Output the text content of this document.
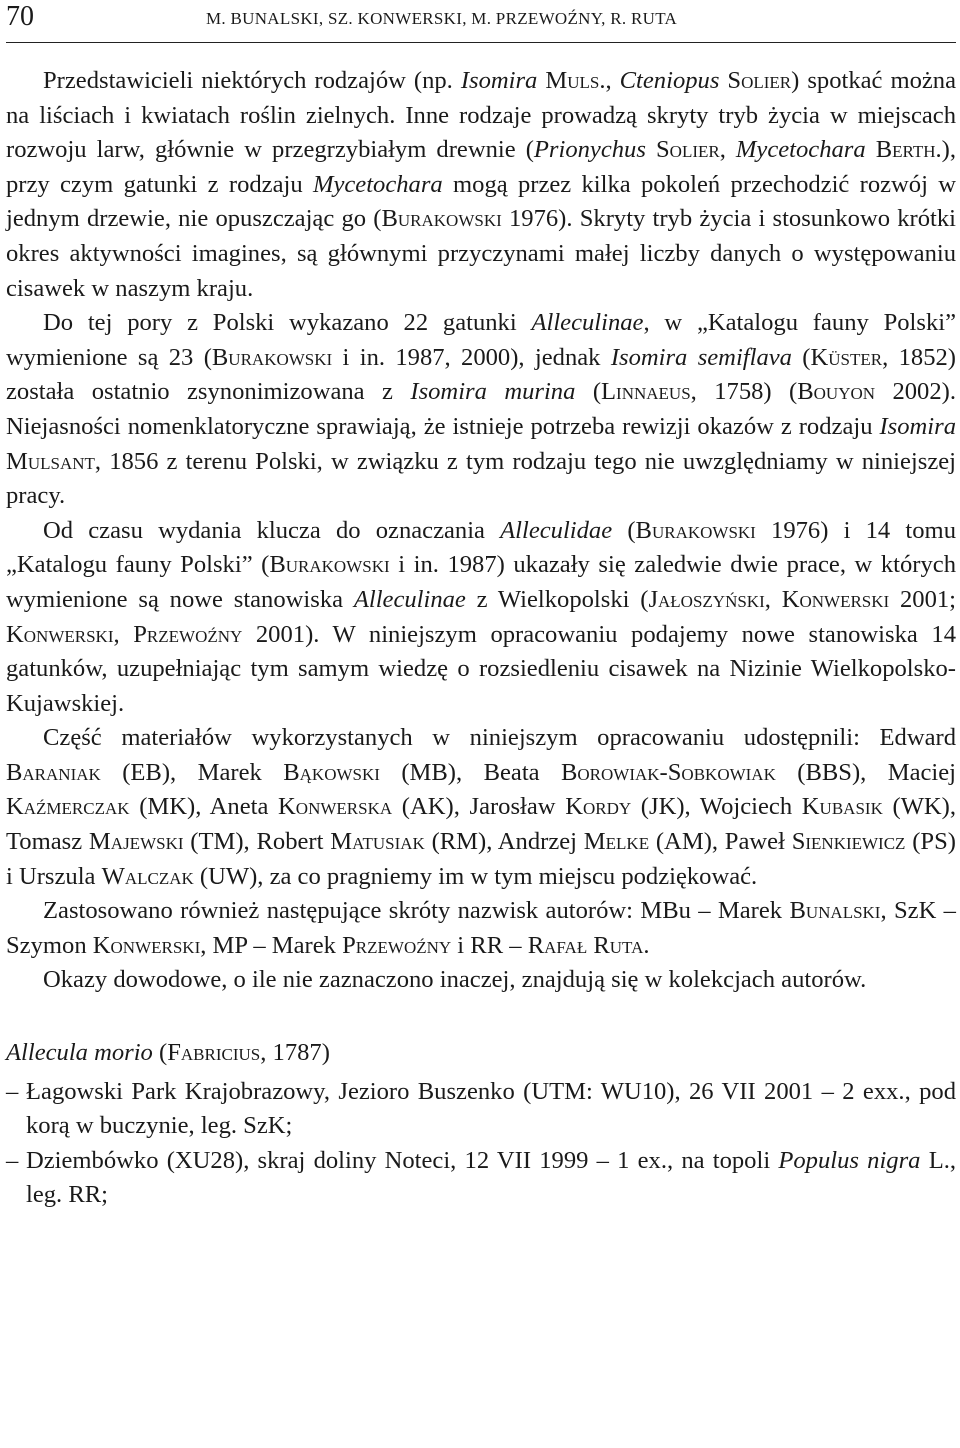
70	M. BUNALSKI, SZ. KONWERSKI, M. PRZEWOŹNY, R. RUTA

Przedstawicieli niektórych rodzajów (np. Isomira Muls., Cteniopus Solier) spotkać można na liściach i kwiatach roślin zielnych. Inne rodzaje prowadzą skryty tryb życia w miejscach rozwoju larw, głównie w przegrzybiałym drewnie (Prionychus Solier, Mycetochara Berth.), przy czym gatunki z rodzaju Mycetochara mogą przez kilka pokoleń przechodzić rozwój w jednym drzewie, nie opuszczając go (Burakowski 1976). Skryty tryb życia i stosunkowo krótki okres aktywności imagines, są głównymi przyczynami małej liczby danych o występowaniu cisawek w naszym kraju.

Do tej pory z Polski wykazano 22 gatunki Alleculinae, w „Katalogu fauny Polski” wymienione są 23 (Burakowski i in. 1987, 2000), jednak Isomira semiflava (Küster, 1852) została ostatnio zsynonimizowana z Isomira murina (Linnaeus, 1758) (Bouyon 2002). Niejasności nomenklatoryczne sprawiają, że istnieje potrzeba rewizji okazów z rodzaju Isomira Mulsant, 1856 z terenu Polski, w związku z tym rodzaju tego nie uwzględniamy w niniejszej pracy.

Od czasu wydania klucza do oznaczania Alleculidae (Burakowski 1976) i 14 tomu „Katalogu fauny Polski” (Burakowski i in. 1987) ukazały się zaledwie dwie prace, w których wymienione są nowe stanowiska Alleculinae z Wielkopolski (Jałoszyński, Konwerski 2001; Konwerski, Przewoźny 2001). W niniejszym opracowaniu podajemy nowe stanowiska 14 gatunków, uzupełniając tym samym wiedzę o rozsiedleniu cisawek na Nizinie Wielkopolsko-Kujawskiej.

Część materiałów wykorzystanych w niniejszym opracowaniu udostępnili: Edward Baraniak (EB), Marek Bąkowski (MB), Beata Borowiak-Sobkowiak (BBS), Maciej Kaźmerczak (MK), Aneta Konwerska (AK), Jarosław Kordy (JK), Wojciech Kubasik (WK), Tomasz Majewski (TM), Robert Matusiak (RM), Andrzej Melke (AM), Paweł Sienkiewicz (PS) i Urszula Walczak (UW), za co pragniemy im w tym miejscu podziękować.

Zastosowano również następujące skróty nazwisk autorów: MBu – Marek Bunalski, SzK – Szymon Konwerski, MP – Marek Przewoźny i RR – Rafał Ruta.

Okazy dowodowe, o ile nie zaznaczono inaczej, znajdują się w kolekcjach autorów.

Allecula morio (Fabricius, 1787)

– Łagowski Park Krajobrazowy, Jezioro Buszenko (UTM: WU10), 26 VII 2001 – 2 exx., pod korą w buczynie, leg. SzK;

– Dziembówko (XU28), skraj doliny Noteci, 12 VII 1999 – 1 ex., na topoli Populus nigra L., leg. RR;
